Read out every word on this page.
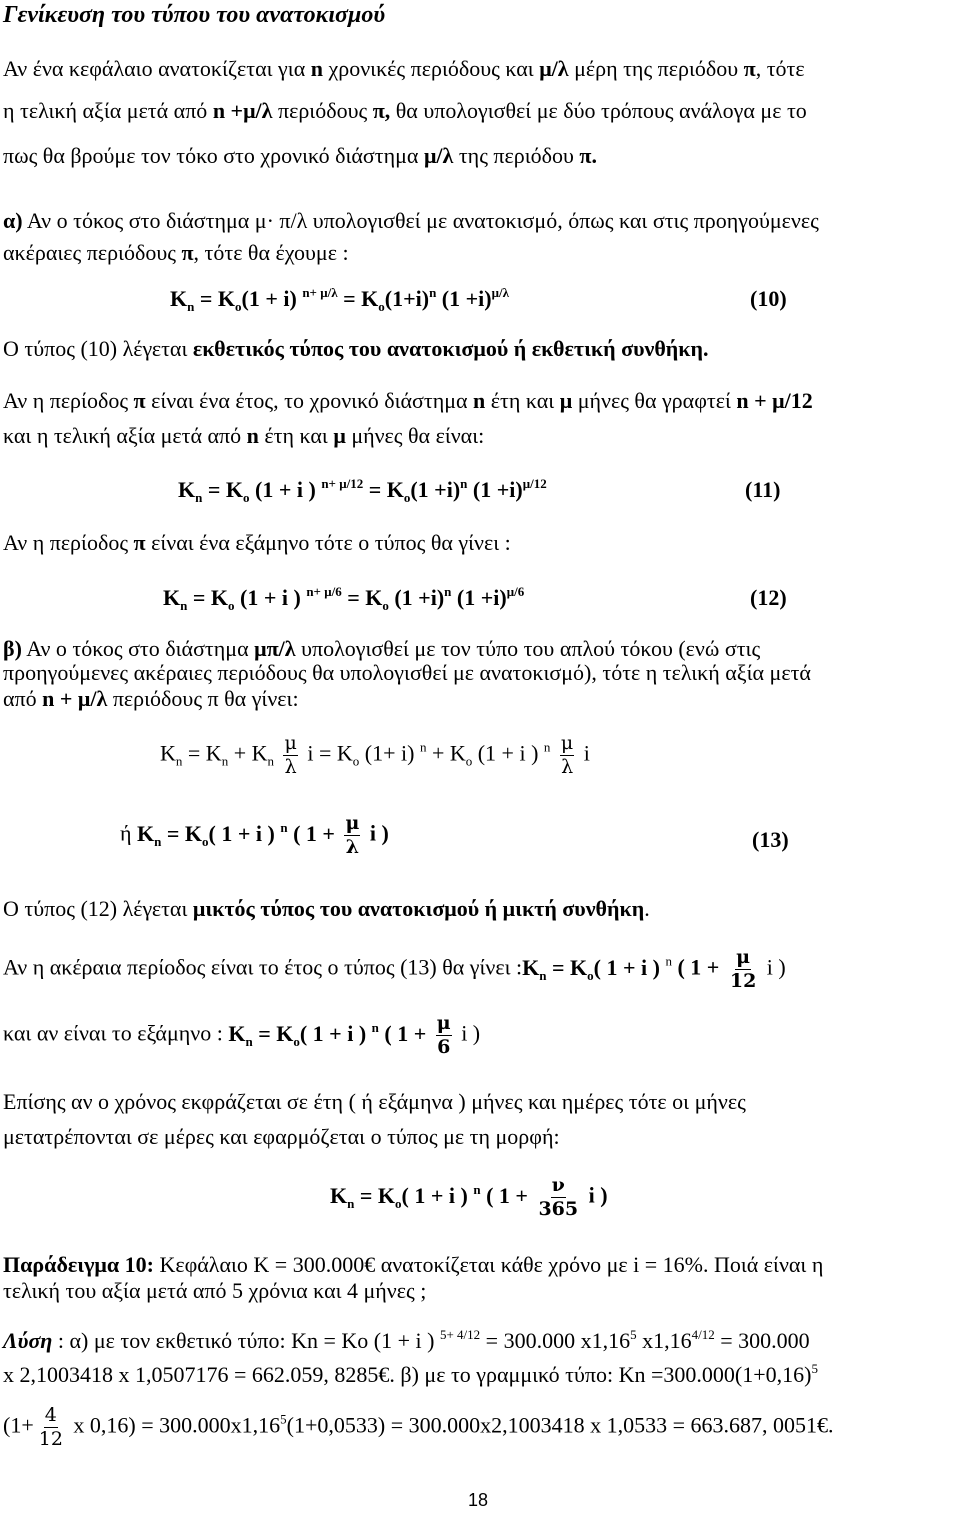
Γενίκευση του τύπου του ανατοκισμού
Αν ένα κεφάλαιο ανατοκίζεται για n χρονικές περιόδους και μ/λ μέρη της περιόδου π, τότε
η τελική αξία μετά από n +μ/λ περιόδους π, θα υπολογισθεί με δύο τρόπους ανάλογα με το
πως θα βρούμε τον τόκο στο χρονικό διάστημα μ/λ της περιόδου π.
α) Αν ο τόκος στο διάστημα μ· π/λ υπολογισθεί με ανατοκισμό, όπως και στις προηγούμενες
ακέραιες περιόδους π, τότε θα έχουμε :
$K_n = K_o(1 + i) ^{n+ \mu/\lambda} = K_o(1+i)^n$ $(1 +i)^{\mu/\lambda}$	(10)
Ο τύπος (10) λέγεται εκθετικός τύπος του ανατοκισμού ή εκθετική συνθήκη.
Αν η περίοδος π είναι ένα έτος, το χρονικό διάστημα n έτη και μ μήνες θα γραφτεί n + μ/12
και η τελική αξία μετά από n έτη και μ μήνες θα είναι:
$K_n = K_o$ (1 + i ) $^{n+ \mu/12} = K_o(1 +i)^n$ $(1 +i)^{\mu/12}$	(11)
Αν η περίοδος π είναι ένα εξάμηνο τότε ο τύπος θα γίνει :
$K_n = K_o$ (1 + i ) $^{n+ \mu/6} = K_o$ $(1 +i)^n$ $(1 +i)^{\mu/6}$	(12)
β) Αν ο τόκος στο διάστημα μπ/λ υπολογισθεί με τον τύπο του απλού τόκου (ενώ στις
προηγούμενες ακέραιες περιόδους θα υπολογισθεί με ανατοκισμό), τότε η τελική αξία μετά
από n + μ/λ περιόδους π θα γίνει:
$K_n = K_n + K_n \frac{\mu}{\lambda}$ $i = K_o$ (1+ i) $^n + K_o$ (1 + i ) $^n \frac{\mu}{\lambda}$ i
ή $K_n = K_o$( 1 + i ) $^n$ ( $1 + \frac{\mu}{\lambda}$ i )	(13)
Ο τύπος (12) λέγεται μικτός τύπος του ανατοκισμού ή μικτή συνθήκη.
Αν η ακέραια περίοδος είναι το έτος ο τύπος (13) θα γίνει $:K_n = K_o$( 1 + i ) $^n$ ( $1 + \frac{\mu}{12}$ i )
και αν είναι το εξάμηνο : $K_n = K_o$( 1 + i ) $^n$ ( $1 + \frac{\mu}{6}$ i )
Επίσης αν ο χρόνος εκφράζεται σε έτη ( ή εξάμηνα ) μήνες και ημέρες τότε οι μήνες
μετατρέπονται σε μέρες και εφαρμόζεται ο τύπος με τη μορφή:
$K_n = K_o$( 1 + i ) $^n$ ( $1 + \frac{\nu}{365}$ i )
Παράδειγμα 10: Κεφάλαιο Κ = 300.000€ ανατοκίζεται κάθε χρόνο με i = 16%. Ποιά είναι η
τελική του αξία μετά από 5 χρόνια και 4 μήνες ;
Λύση : α) με τον εκθετικό τύπο: Kn = Ko (1 + i ) $^{5+ 4/12}$ = 300.000 x1,16$^5$ $x1,16^{4/12} = 300.000$
x 2,1003418 x 1,0507176 = 662.059, 8285€. β) με το γραμμικό τύπο: $Kn =300.000(1+0,16)^5$
($1+ \frac{4}{12}$ x $0,16) = 300.000x1,16^5(1+0,0533) = 300.000x2,1003418$ x 1,0533 = 663.687, 0051€.
18
